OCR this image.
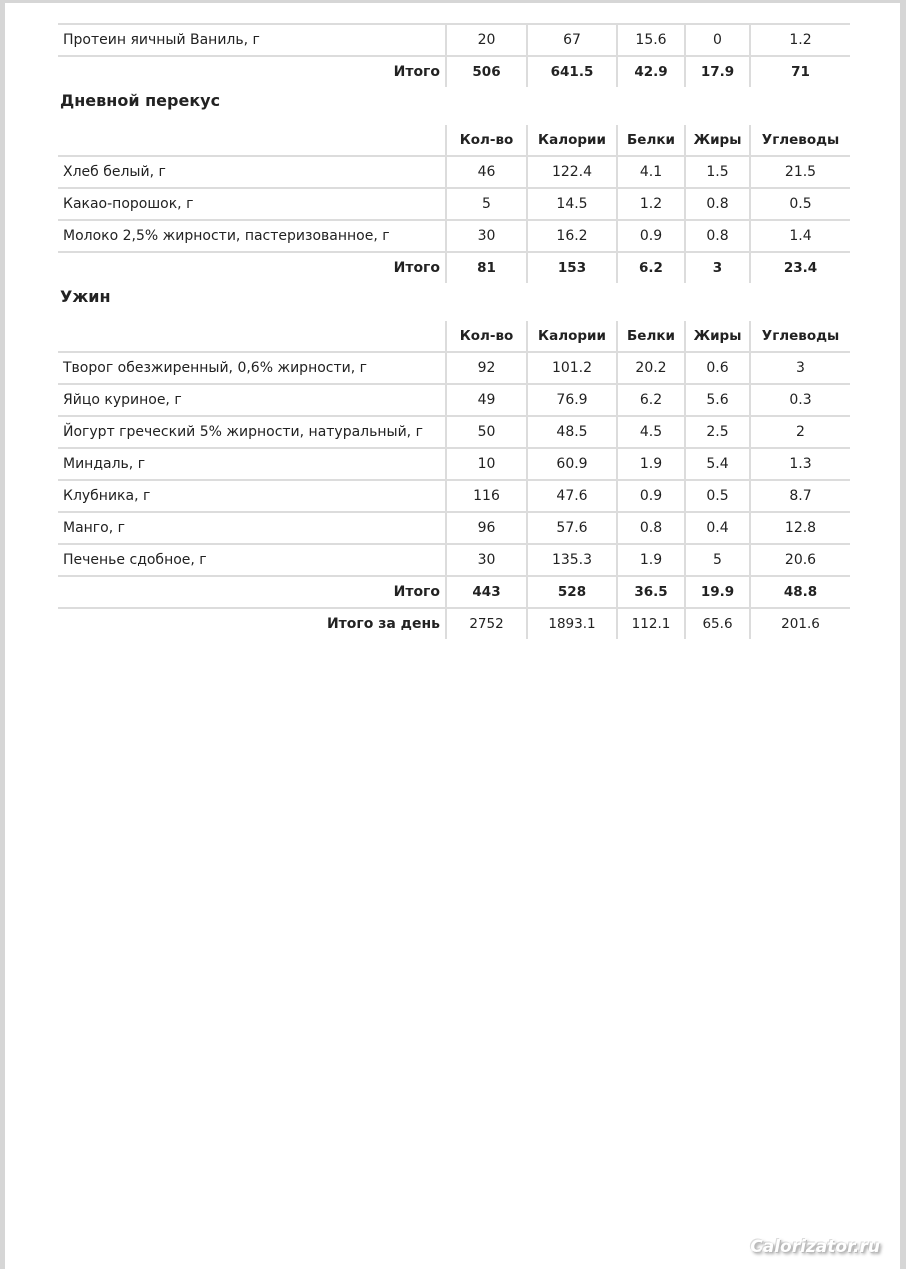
Протеин яичный Ваниль, г	20	67	15.6	0	1.2
Итого	506	641.5	42.9	17.9	71
Дневной перекус
	Кол-во	Калории	Белки	Жиры	Углеводы
Хлеб белый, г	46	122.4	4.1	1.5	21.5
Какао-порошок, г	5	14.5	1.2	0.8	0.5
Молоко 2,5% жирности, пастеризованное, г	30	16.2	0.9	0.8	1.4
Итого	81	153	6.2	3	23.4
Ужин
	Кол-во	Калории	Белки	Жиры	Углеводы
Творог обезжиренный, 0,6% жирности, г	92	101.2	20.2	0.6	3
Яйцо куриное, г	49	76.9	6.2	5.6	0.3
Йогурт греческий 5% жирности, натуральный, г	50	48.5	4.5	2.5	2
Миндаль, г	10	60.9	1.9	5.4	1.3
Клубника, г	116	47.6	0.9	0.5	8.7
Манго, г	96	57.6	0.8	0.4	12.8
Печенье сдобное, г	30	135.3	1.9	5	20.6
Итого	443	528	36.5	19.9	48.8
Итого за день	2752	1893.1	112.1	65.6	201.6
Calorizator.ru
